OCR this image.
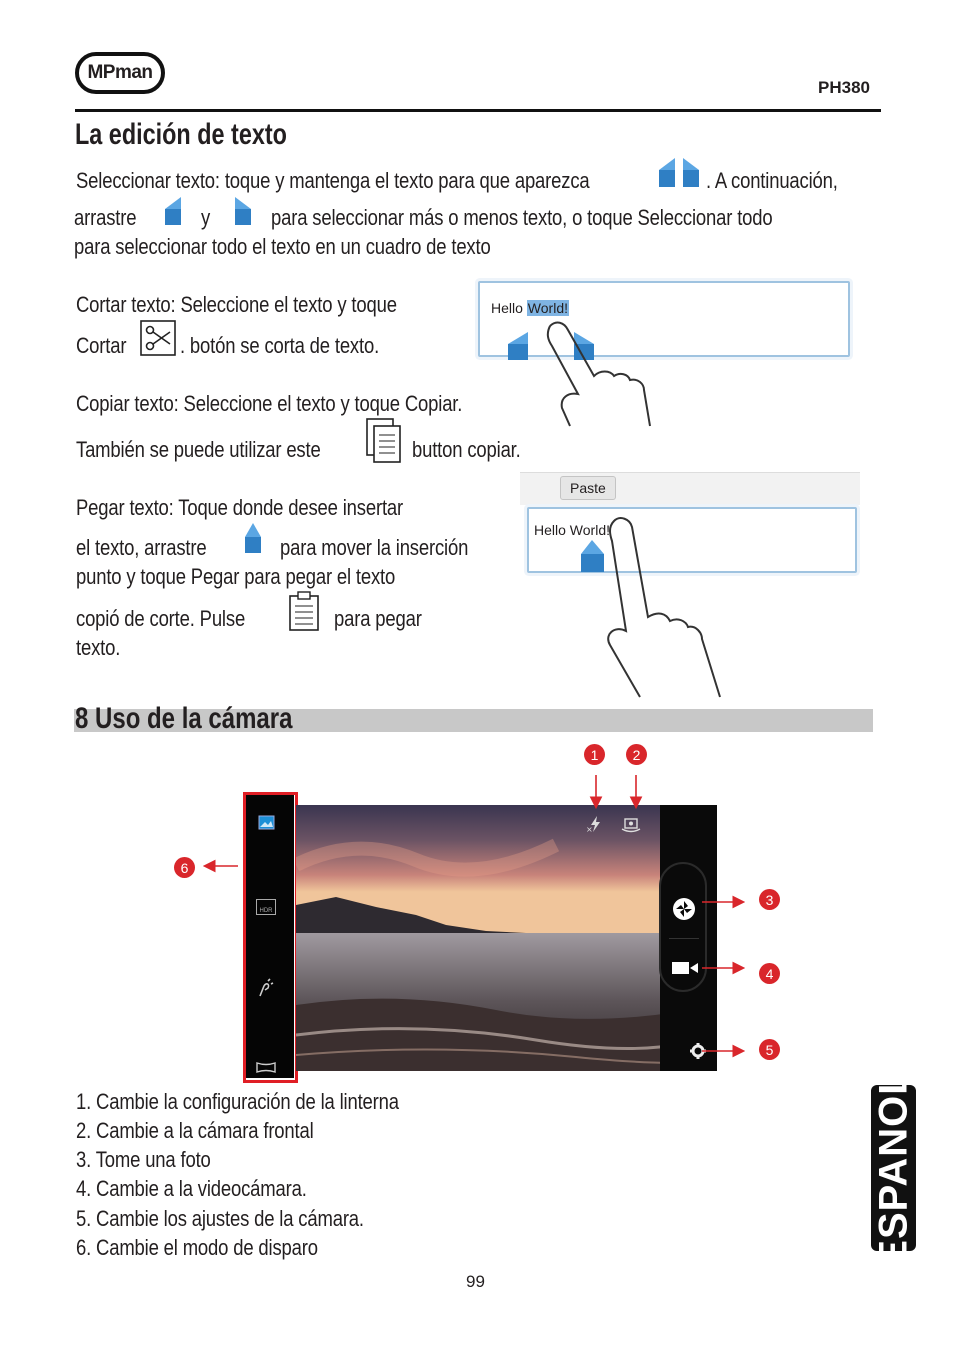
MPman
PH380
La edición de texto
Seleccionar texto: toque y mantenga el texto para que aparezca	. A continuación,
arrastre	y	para seleccionar más o menos texto, o toque Seleccionar todo
para seleccionar todo el texto en un cuadro de texto
Cortar texto: Seleccione el texto y toque
Cortar . botón se corta de texto.
Hello World!
Copiar texto: Seleccione el texto y toque Copiar.
También se puede utilizar este	button copiar.
Pegar texto: Toque donde desee insertar
el texto, arrastre	para mover la inserción
punto y toque Pegar para pegar el texto
copió de corte. Pulse	para pegar
texto.
Paste
Hello World!
8 Uso de la cámara
HDR
×
1	2
3
4
5
6
1. Cambie la configuración de la linterna
2. Cambie a la cámara frontal
3. Tome una foto
4. Cambie a la videocámara.
5. Cambie los ajustes de la cámara.
6. Cambie el modo de disparo	ESPANOL
99
